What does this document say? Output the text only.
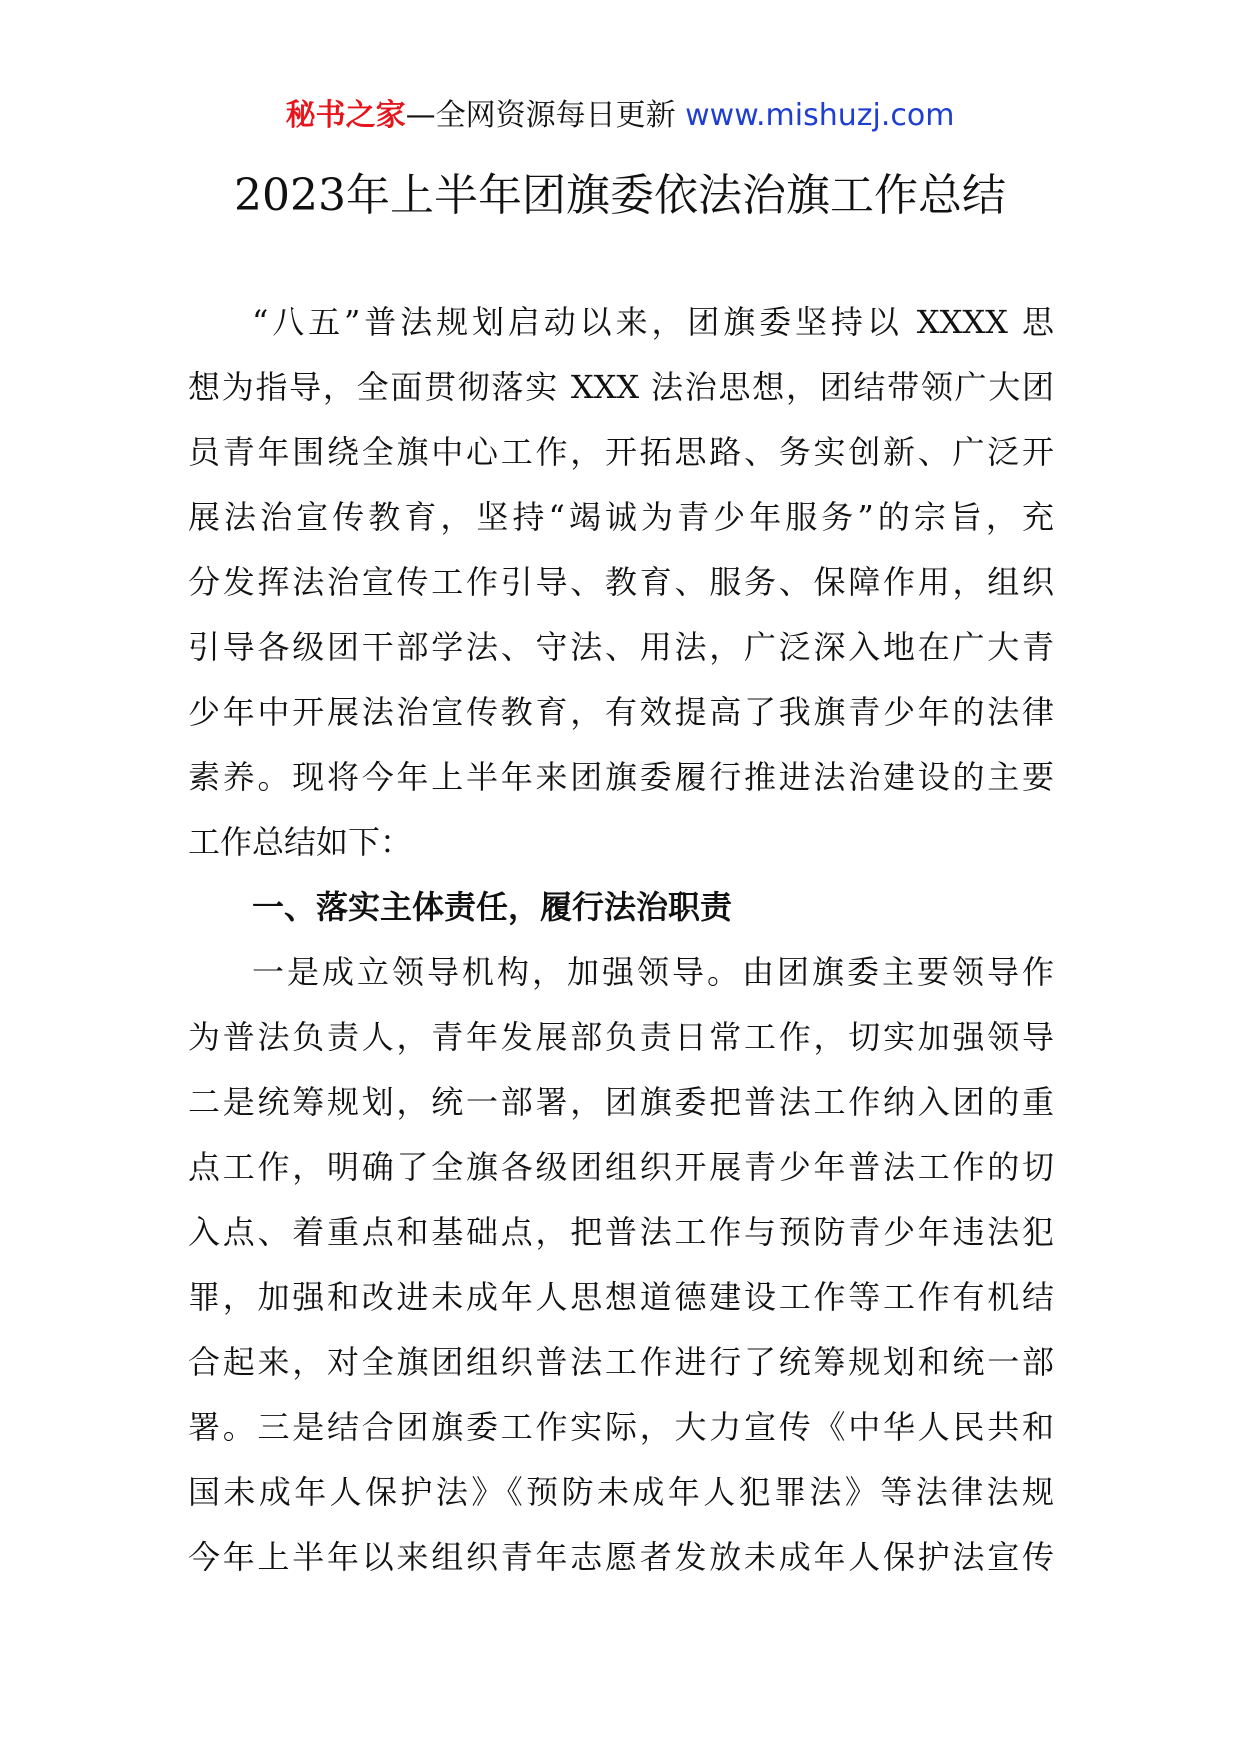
秘书之家—全网资源每日更新 www.mishuzj.com
2023年上半年团旗委依法治旗工作总结
“八五”普法规划启动以来，团旗委坚持以 XXXX 思
想为指导，全面贯彻落实 XXX 法治思想，团结带领广大团
员青年围绕全旗中心工作，开拓思路、务实创新、广泛开
展法治宣传教育，坚持“竭诚为青少年服务”的宗旨，充
分发挥法治宣传工作引导、教育、服务、保障作用，组织
引导各级团干部学法、守法、用法，广泛深入地在广大青
少年中开展法治宣传教育，有效提高了我旗青少年的法律
素养。现将今年上半年来团旗委履行推进法治建设的主要
工作总结如下：
一、落实主体责任，履行法治职责
一是成立领导机构，加强领导。由团旗委主要领导作
为普法负责人，青年发展部负责日常工作，切实加强领导
二是统筹规划，统一部署，团旗委把普法工作纳入团的重
点工作，明确了全旗各级团组织开展青少年普法工作的切
入点、着重点和基础点，把普法工作与预防青少年违法犯
罪，加强和改进未成年人思想道德建设工作等工作有机结
合起来，对全旗团组织普法工作进行了统筹规划和统一部
署。三是结合团旗委工作实际，大力宣传《中华人民共和
国未成年人保护法》《预防未成年人犯罪法》等法律法规
今年上半年以来组织青年志愿者发放未成年人保护法宣传
